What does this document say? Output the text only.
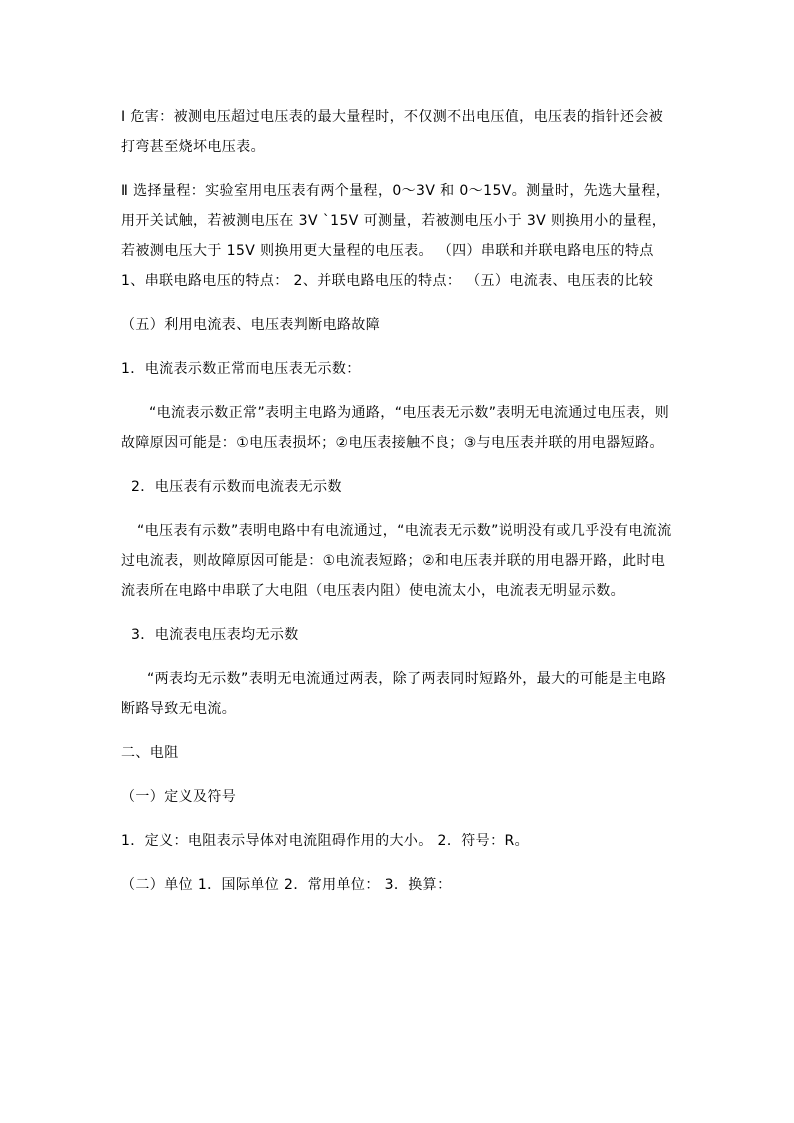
Ⅰ 危害：被测电压超过电压表的最大量程时，不仅测不出电压值，电压表的指针还会被打弯甚至烧坏电压表。

Ⅱ 选择量程：实验室用电压表有两个量程，0～3V 和 0～15V。测量时，先选大量程，用开关试触，若被测电压在 3V `15V 可测量，若被测电压小于 3V 则换用小的量程，若被测电压大于 15V 则换用更大量程的电压表。 （四）串联和并联电路电压的特点 1、串联电路电压的特点： 2、并联电路电压的特点： （五）电流表、电压表的比较

（五）利用电流表、电压表判断电路故障

1．电流表示数正常而电压表无示数：

“电流表示数正常”表明主电路为通路，“电压表无示数”表明无电流通过电压表，则故障原因可能是：①电压表损坏；②电压表接触不良；③与电压表并联的用电器短路。

2．电压表有示数而电流表无示数

“电压表有示数”表明电路中有电流通过，“电流表无示数”说明没有或几乎没有电流流过电流表，则故障原因可能是：①电流表短路；②和电压表并联的用电器开路，此时电流表所在电路中串联了大电阻（电压表内阻）使电流太小，电流表无明显示数。

3．电流表电压表均无示数

“两表均无示数”表明无电流通过两表，除了两表同时短路外，最大的可能是主电路断路导致无电流。

二、电阻

（一）定义及符号

1．定义：电阻表示导体对电流阻碍作用的大小。 2．符号：R。

（二）单位 1．国际单位 2．常用单位： 3．换算：
